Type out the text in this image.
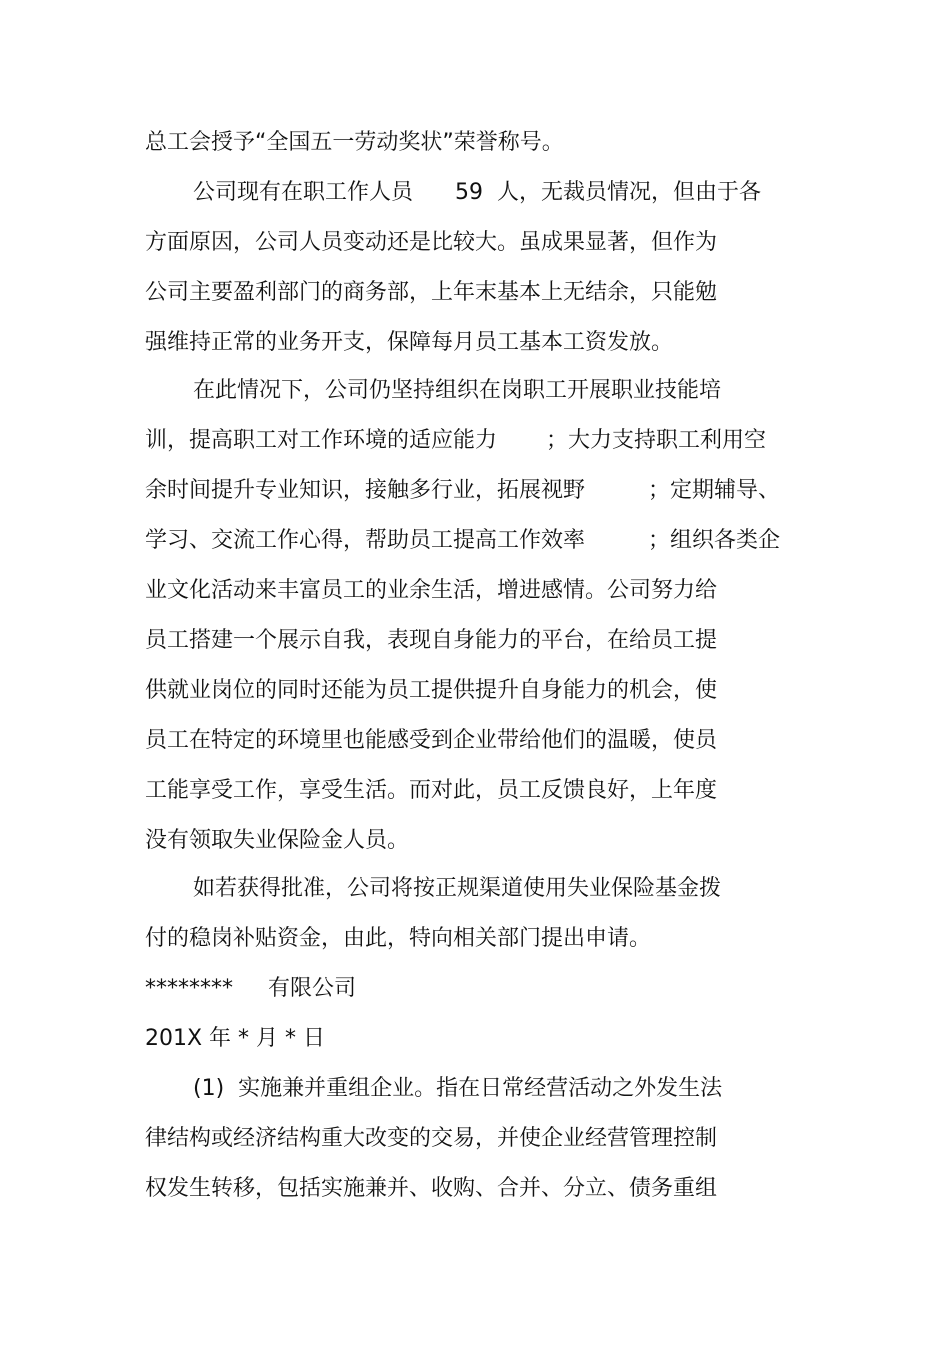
总工会授予“全国五一劳动奖状”荣誉称号。
公司现有在职工作人员      59  人，无裁员情况，但由于各
方面原因，公司人员变动还是比较大。虽成果显著，但作为
公司主要盈利部门的商务部，上年末基本上无结余，只能勉
强维持正常的业务开支，保障每月员工基本工资发放。
在此情况下，公司仍坚持组织在岗职工开展职业技能培
训，提高职工对工作环境的适应能力       ；大力支持职工利用空
余时间提升专业知识，接触多行业，拓展视野         ；定期辅导、
学习、交流工作心得，帮助员工提高工作效率         ；组织各类企
业文化活动来丰富员工的业余生活，增进感情。公司努力给
员工搭建一个展示自我，表现自身能力的平台，在给员工提
供就业岗位的同时还能为员工提供提升自身能力的机会，使
员工在特定的环境里也能感受到企业带给他们的温暖，使员
工能享受工作，享受生活。而对此，员工反馈良好，上年度
没有领取失业保险金人员。
如若获得批准，公司将按正规渠道使用失业保险基金拨
付的稳岗补贴资金，由此，特向相关部门提出申请。
********     有限公司
201X 年 * 月 * 日
(1)  实施兼并重组企业。指在日常经营活动之外发生法
律结构或经济结构重大改变的交易，并使企业经营管理控制
权发生转移，包括实施兼并、收购、合并、分立、债务重组
